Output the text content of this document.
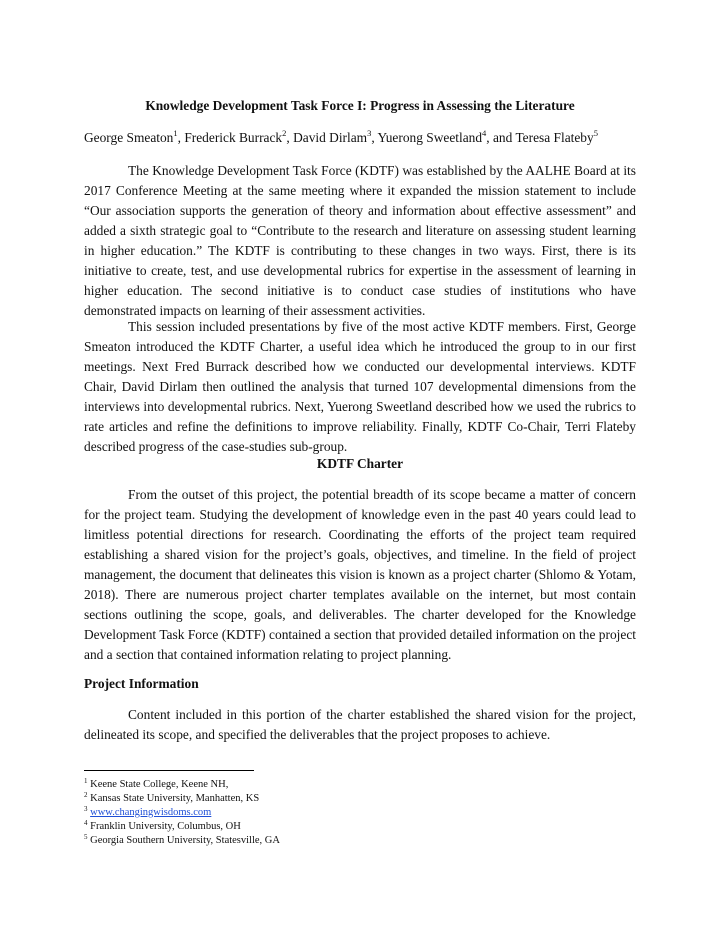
Knowledge Development Task Force I: Progress in Assessing the Literature

George Smeaton$^1$, Frederick Burrack$^2$, David Dirlam$^3$, Yuerong Sweetland$^4$, and Teresa Flateby$^5$

The Knowledge Development Task Force (KDTF) was established by the AALHE Board at its 2017 Conference Meeting at the same meeting where it expanded the mission statement to include “Our association supports the generation of theory and information about effective assessment” and added a sixth strategic goal to “Contribute to the research and literature on assessing student learning in higher education.” The KDTF is contributing to these changes in two ways. First, there is its initiative to create, test, and use developmental rubrics for expertise in the assessment of learning in higher education. The second initiative is to conduct case studies of institutions who have demonstrated impacts on learning of their assessment activities.

This session included presentations by five of the most active KDTF members. First, George Smeaton introduced the KDTF Charter, a useful idea which he introduced the group to in our first meetings. Next Fred Burrack described how we conducted our developmental interviews. KDTF Chair, David Dirlam then outlined the analysis that turned 107 developmental dimensions from the interviews into developmental rubrics. Next, Yuerong Sweetland described how we used the rubrics to rate articles and refine the definitions to improve reliability. Finally, KDTF Co-Chair, Terri Flateby described progress of the case-studies sub-group.

KDTF Charter

From the outset of this project, the potential breadth of its scope became a matter of concern for the project team. Studying the development of knowledge even in the past 40 years could lead to limitless potential directions for research. Coordinating the efforts of the project team required establishing a shared vision for the project’s goals, objectives, and timeline. In the field of project management, the document that delineates this vision is known as a project charter (Shlomo & Yotam, 2018). There are numerous project charter templates available on the internet, but most contain sections outlining the scope, goals, and deliverables. The charter developed for the Knowledge Development Task Force (KDTF) contained a section that provided detailed information on the project and a section that contained information relating to project planning.

Project Information

Content included in this portion of the charter established the shared vision for the project, delineated its scope, and specified the deliverables that the project proposes to achieve.

$^1$ Keene State College, Keene NH,
$^2$ Kansas State University, Manhatten, KS
$^3$ www.changingwisdoms.com
$^4$ Franklin University, Columbus, OH
$^5$ Georgia Southern University, Statesville, GA
